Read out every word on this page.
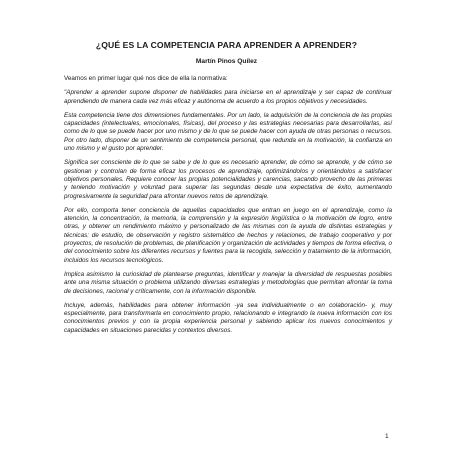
¿QUÉ ES LA COMPETENCIA PARA APRENDER A APRENDER?
Martín Pinos Quílez

Veamos en primer lugar qué nos dice de ella la normativa:

"Aprender a aprender supone disponer de habilidades para iniciarse en el aprendizaje y ser capaz de continuar aprendiendo de manera cada vez más eficaz y autónoma de acuerdo a los propios objetivos y necesidades.

Esta competencia tiene dos dimensiones fundamentales. Por un lado, la adquisición de la conciencia de las propias capacidades (intelectuales, emocionales, físicas), del proceso y las estrategias necesarias para desarrollarlas, así como de lo que se puede hacer por uno mismo y de lo que se puede hacer con ayuda de otras personas o recursos. Por otro lado, disponer de un sentimiento de competencia personal, que redunda en la motivación, la confianza en uno mismo y el gusto por aprender.

Significa ser consciente de lo que se sabe y de lo que es necesario aprender, de cómo se aprende, y de cómo se gestionan y controlan de forma eficaz los procesos de aprendizaje, optimizándolos y orientándolos a satisfacer objetivos personales. Requiere conocer las propias potencialidades y carencias, sacando provecho de las primeras y teniendo motivación y voluntad para superar las segundas desde una expectativa de éxito, aumentando progresivamente la seguridad para afrontar nuevos retos de aprendizaje.

Por ello, comporta tener conciencia de aquellas capacidades que entran en juego en el aprendizaje, como la atención, la concentración, la memoria, la comprensión y la expresión lingüística o la motivación de logro, entre otras, y obtener un rendimiento máximo y personalizado de las mismas con la ayuda de distintas estrategias y técnicas: de estudio, de observación y registro sistemático de hechos y relaciones, de trabajo cooperativo y por proyectos, de resolución de problemas, de planificación y organización de actividades y tiempos de forma efectiva, o del conocimiento sobre los diferentes recursos y fuentes para la recogida, selección y tratamiento de la información, incluidos los recursos tecnológicos.

Implica asimismo la curiosidad de plantearse preguntas, identificar y manejar la diversidad de respuestas posibles ante una misma situación o problema utilizando diversas estrategias y metodologías que permitan afrontar la toma de decisiones, racional y críticamente, con la información disponible.

Incluye, además, habilidades para obtener información -ya sea individualmente o en colaboración- y, muy especialmente, para transformarla en conocimiento propio, relacionando e integrando la nueva información con los conocimientos previos y con la propia experiencia personal y sabiendo aplicar los nuevos conocimientos y capacidades en situaciones parecidas y contextos diversos.

1
